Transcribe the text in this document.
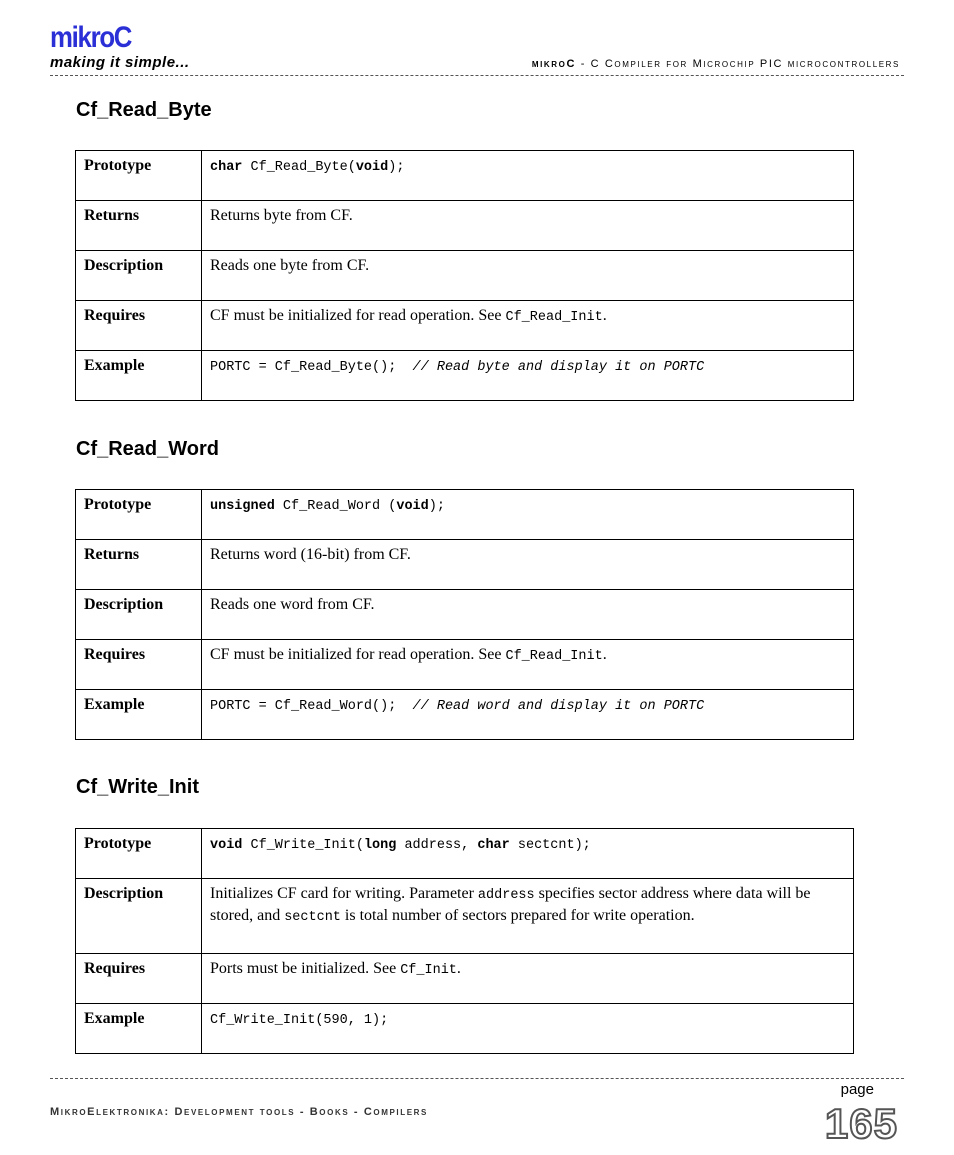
mikroC
making it simple...	mikroC - C Compiler for Microchip PIC microcontrollers
Cf_Read_Byte
Prototype	char Cf_Read_Byte(void);
Returns	Returns byte from CF.
Description	Reads one byte from CF.
Requires	CF must be initialized for read operation. See Cf_Read_Init.
Example	PORTC = Cf_Read_Byte();  // Read byte and display it on PORTC
Cf_Read_Word
Prototype	unsigned Cf_Read_Word (void);
Returns	Returns word (16-bit) from CF.
Description	Reads one word from CF.
Requires	CF must be initialized for read operation. See Cf_Read_Init.
Example	PORTC = Cf_Read_Word();  // Read word and display it on PORTC
Cf_Write_Init
Prototype	void Cf_Write_Init(long address, char sectcnt);
Description	Initializes CF card for writing. Parameter address specifies sector address where data will be stored, and sectcnt is total number of sectors prepared for write operation.
Requires	Ports must be initialized. See Cf_Init.
Example	Cf_Write_Init(590, 1);
MikroElektronika: Development tools - Books - Compilers
page
165
